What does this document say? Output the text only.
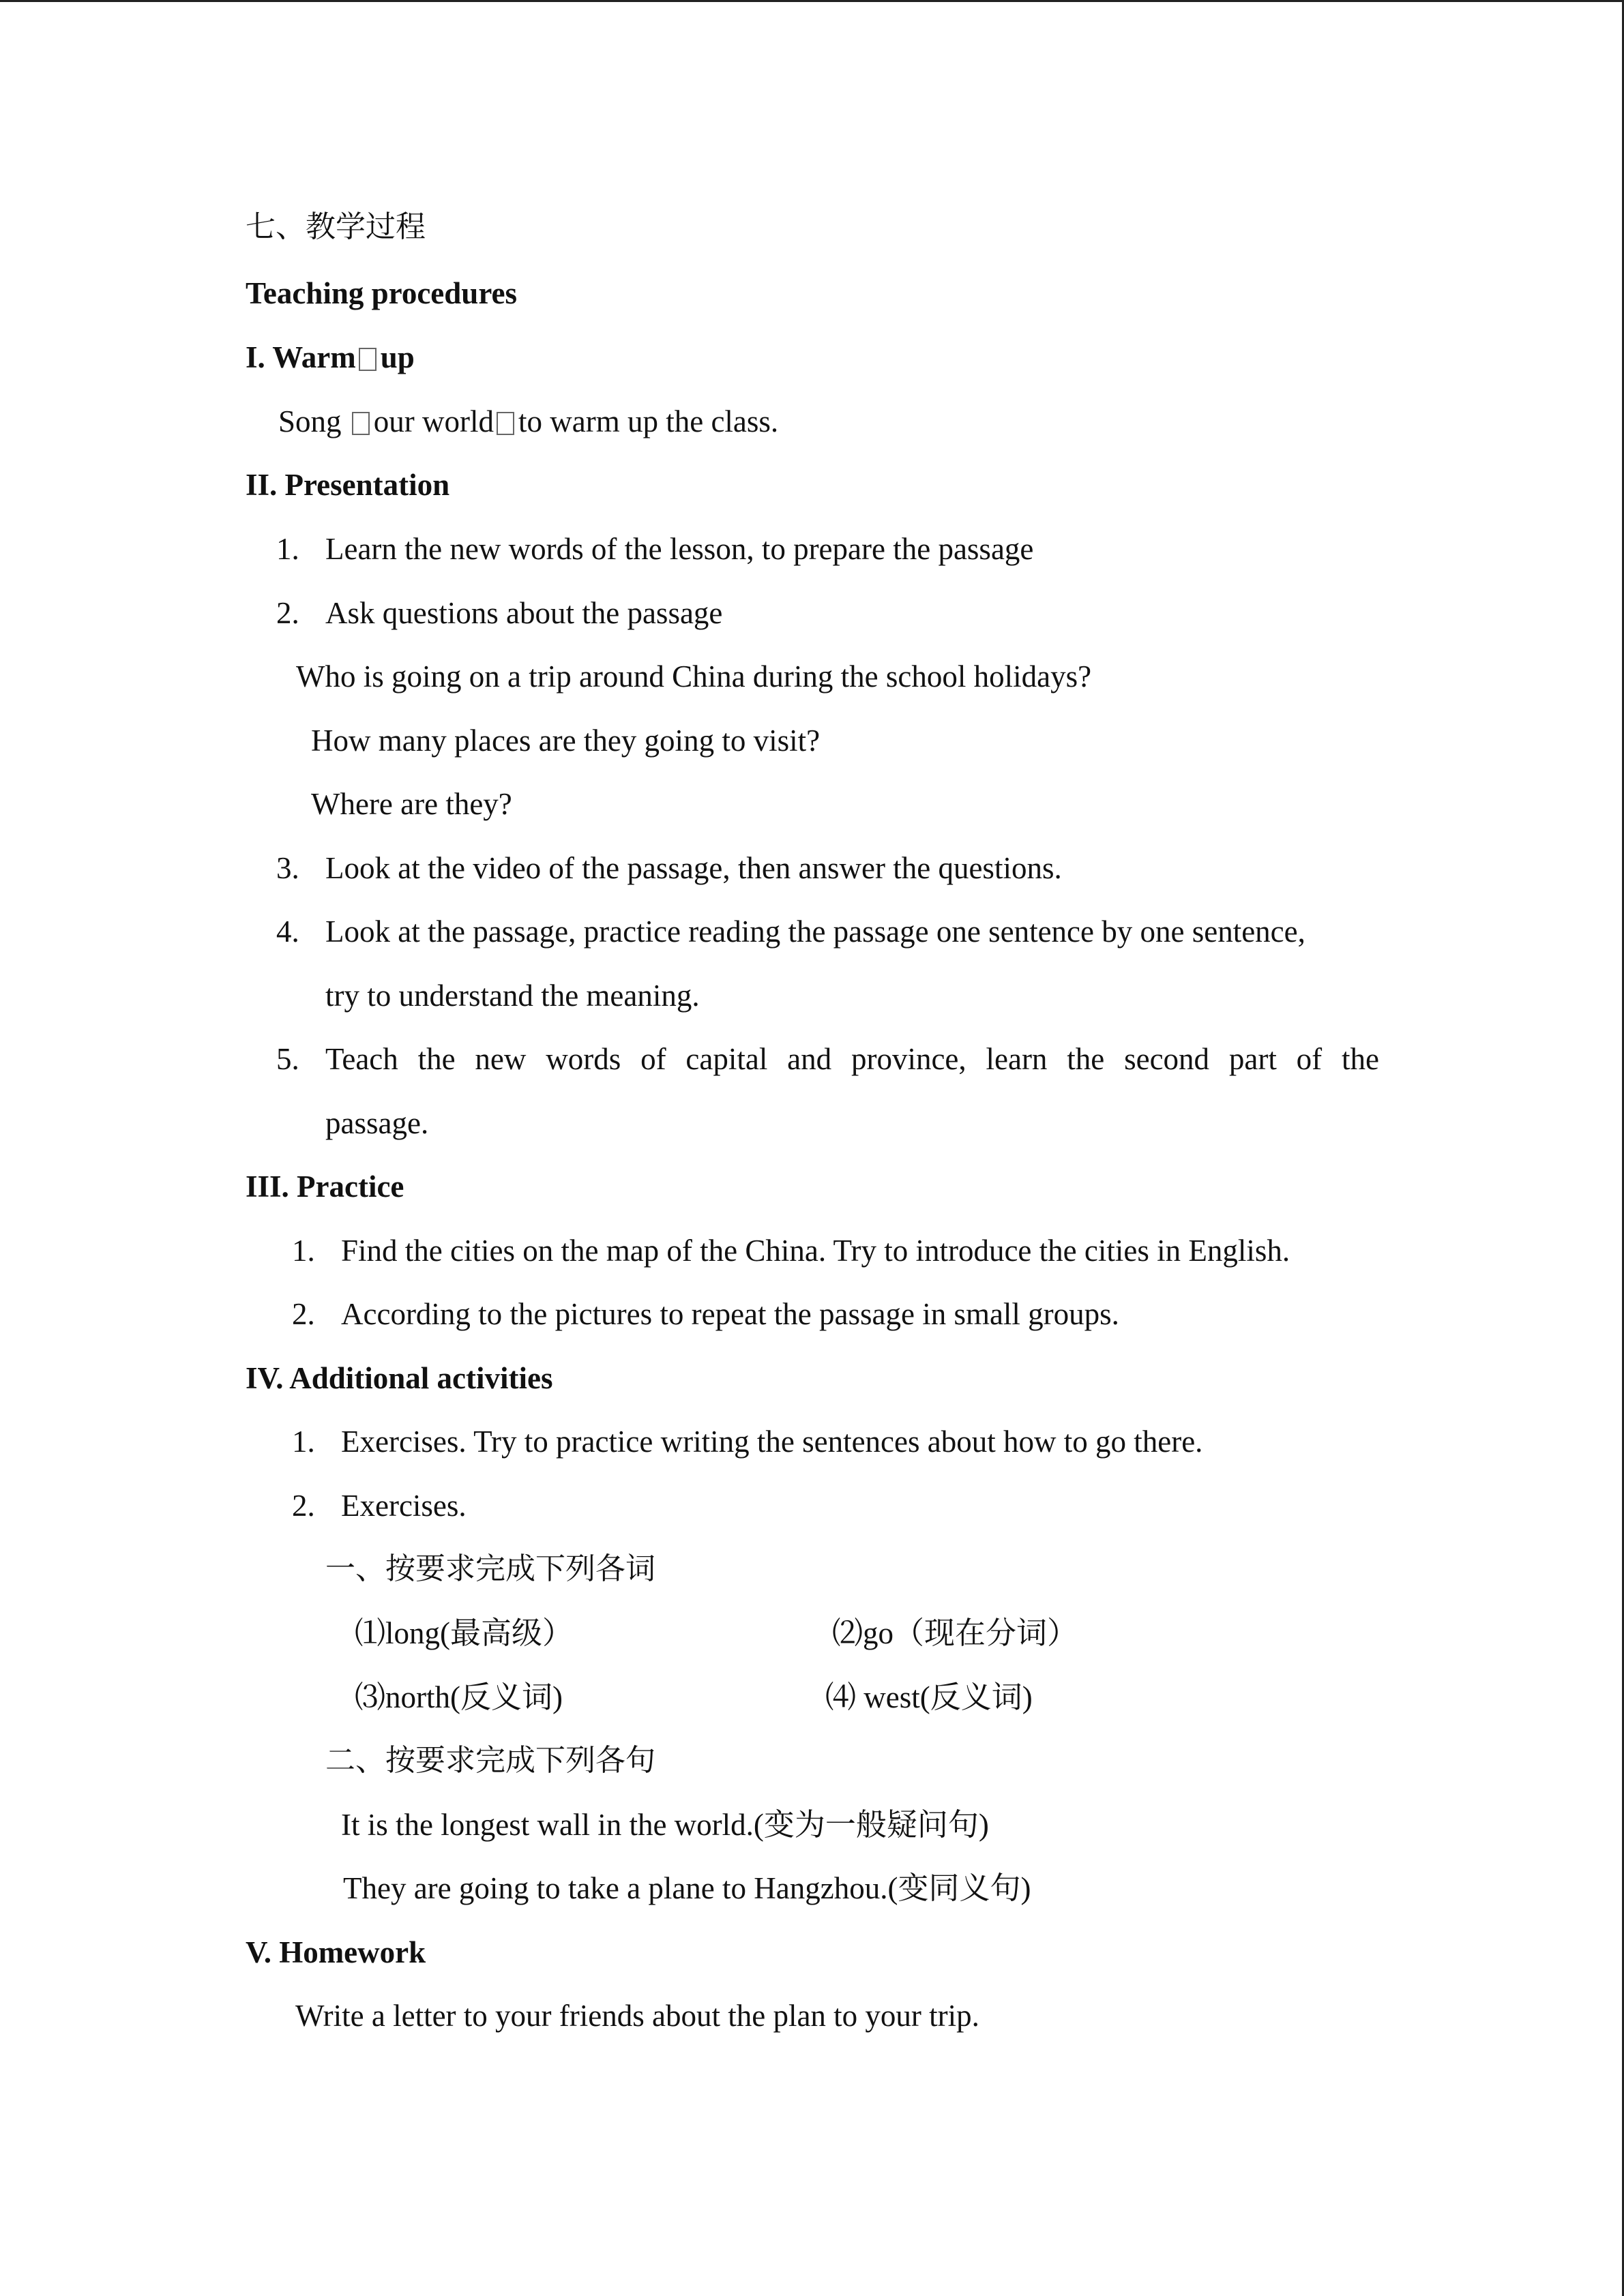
七、教学过程
Teaching procedures
I. Warm up
Song our world to warm up the class.
II. Presentation
1. Learn the new words of the lesson, to prepare the passage
2. Ask questions about the passage
Who is going on a trip around China during the school holidays?
How many places are they going to visit?
Where are they?
3. Look at the video of the passage, then answer the questions.
4. Look at the passage, practice reading the passage one sentence by one sentence,
try to understand the meaning.
5. Teach the new words of capital and province, learn the second part of the
passage.
III. Practice
1. Find the cities on the map of the China. Try to introduce the cities in English.
2. According to the pictures to repeat the passage in small groups.
IV. Additional activities
1. Exercises. Try to practice writing the sentences about how to go there.
2. Exercises.
一、按要求完成下列各词
⑴long(最高级）	⑵go（现在分词）
⑶north(反义词)	⑷ west(反义词)
二、按要求完成下列各句
It is the longest wall in the world.(变为一般疑问句)
They are going to take a plane to Hangzhou.(变同义句)
V. Homework
Write a letter to your friends about the plan to your trip.
